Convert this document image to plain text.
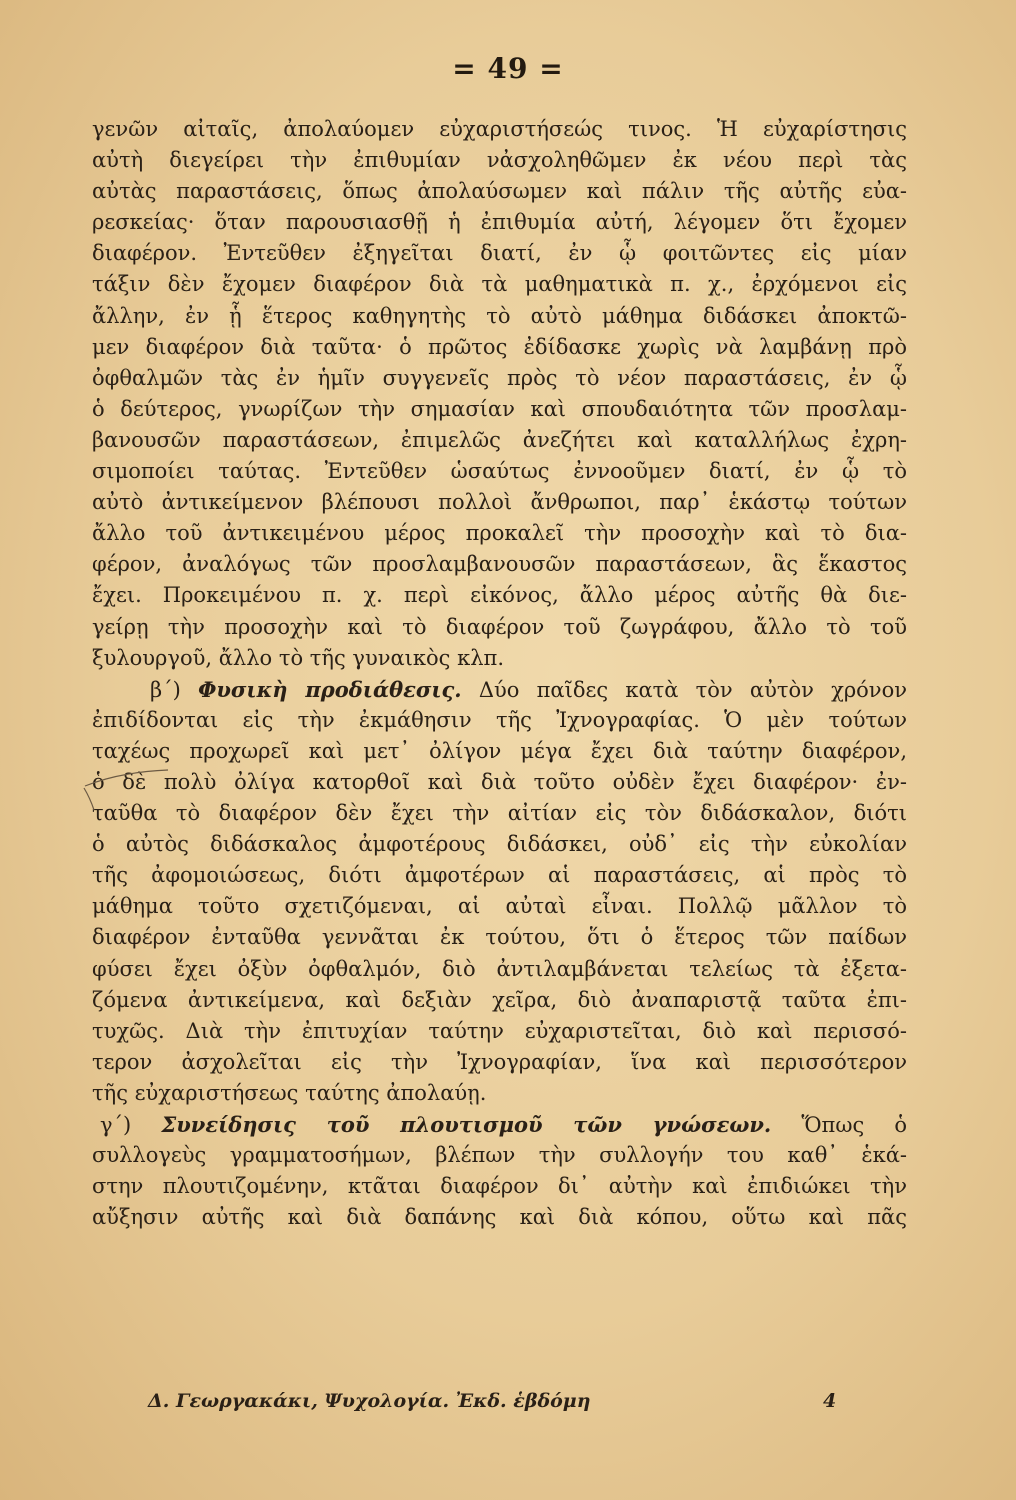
= 49 =
γενῶν αἰταῖς, ἀπολαύομεν εὐχαριστήσεώς τινος. Ἡ εὐχαρίστησις
αὐτὴ διεγείρει τὴν ἐπιθυμίαν νἀσχοληθῶμεν ἐκ νέου περὶ τὰς
αὐτὰς παραστάσεις, ὅπως ἀπολαύσωμεν καὶ πάλιν τῆς αὐτῆς εὐα-
ρεσκείας· ὅταν παρουσιασθῇ ἡ ἐπιθυμία αὐτή, λέγομεν ὅτι ἔχομεν
διαφέρον. Ἐντεῦθεν ἐξηγεῖται διατί, ἐν ᾧ φοιτῶντες εἰς μίαν
τάξιν δὲν ἔχομεν διαφέρον διὰ τὰ μαθηματικὰ π. χ., ἐρχόμενοι εἰς
ἄλλην, ἐν ᾗ ἕτερος καθηγητὴς τὸ αὐτὸ μάθημα διδάσκει ἀποκτῶ-
μεν διαφέρον διὰ ταῦτα· ὁ πρῶτος ἐδίδασκε χωρὶς νὰ λαμβάνῃ πρὸ
ὀφθαλμῶν τὰς ἐν ἡμῖν συγγενεῖς πρὸς τὸ νέον παραστάσεις, ἐν ᾧ
ὁ δεύτερος, γνωρίζων τὴν σημασίαν καὶ σπουδαιότητα τῶν προσλαμ-
βανουσῶν παραστάσεων, ἐπιμελῶς ἀνεζήτει καὶ καταλλήλως ἐχρη-
σιμοποίει ταύτας. Ἐντεῦθεν ὡσαύτως ἐννοοῦμεν διατί, ἐν ᾧ τὸ
αὐτὸ ἀντικείμενον βλέπουσι πολλοὶ ἄνθρωποι, παρ᾽ ἑκάστῳ τούτων
ἄλλο τοῦ ἀντικειμένου μέρος προκαλεῖ τὴν προσοχὴν καὶ τὸ δια-
φέρον, ἀναλόγως τῶν προσλαμβανουσῶν παραστάσεων, ἃς ἕκαστος
ἔχει. Προκειμένου π. χ. περὶ εἰκόνος, ἄλλο μέρος αὐτῆς θὰ διε-
γείρῃ τὴν προσοχὴν καὶ τὸ διαφέρον τοῦ ζωγράφου, ἄλλο τὸ τοῦ
ξυλουργοῦ, ἄλλο τὸ τῆς γυναικὸς κλπ.
β΄) Φυσικὴ προδιάθεσις. Δύο παῖδες κατὰ τὸν αὐτὸν χρόνον
ἐπιδίδονται εἰς τὴν ἐκμάθησιν τῆς Ἰχνογραφίας. Ὁ μὲν τούτων
ταχέως προχωρεῖ καὶ μετ᾽ ὀλίγον μέγα ἔχει διὰ ταύτην διαφέρον,
ὁ δὲ πολὺ ὀλίγα κατορθοῖ καὶ διὰ τοῦτο οὐδὲν ἔχει διαφέρον· ἐν-
ταῦθα τὸ διαφέρον δὲν ἔχει τὴν αἰτίαν εἰς τὸν διδάσκαλον, διότι
ὁ αὐτὸς διδάσκαλος ἀμφοτέρους διδάσκει, οὐδ᾽ εἰς τὴν εὐκολίαν
τῆς ἀφομοιώσεως, διότι ἀμφοτέρων αἱ παραστάσεις, αἱ πρὸς τὸ
μάθημα τοῦτο σχετιζόμεναι, αἱ αὐταὶ εἶναι. Πολλῷ μᾶλλον τὸ
διαφέρον ἐνταῦθα γεννᾶται ἐκ τούτου, ὅτι ὁ ἕτερος τῶν παίδων
φύσει ἔχει ὀξὺν ὀφθαλμόν, διὸ ἀντιλαμβάνεται τελείως τὰ ἐξετα-
ζόμενα ἀντικείμενα, καὶ δεξιὰν χεῖρα, διὸ ἀναπαριστᾷ ταῦτα ἐπι-
τυχῶς. Διὰ τὴν ἐπιτυχίαν ταύτην εὐχαριστεῖται, διὸ καὶ περισσό-
τερον ἀσχολεῖται εἰς τὴν Ἰχνογραφίαν, ἵνα καὶ περισσότερον
τῆς εὐχαριστήσεως ταύτης ἀπολαύῃ.
γ΄) Συνείδησις τοῦ πλουτισμοῦ τῶν γνώσεων. Ὅπως ὁ
συλλογεὺς γραμματοσήμων, βλέπων τὴν συλλογήν του καθ᾽ ἑκά-
στην πλουτιζομένην, κτᾶται διαφέρον δι᾽ αὐτὴν καὶ ἐπιδιώκει τὴν
αὔξησιν αὐτῆς καὶ διὰ δαπάνης καὶ διὰ κόπου, οὕτω καὶ πᾶς
Δ. Γεωργακάκι, Ψυχολογία. Ἐκδ. ἑβδόμη	4
